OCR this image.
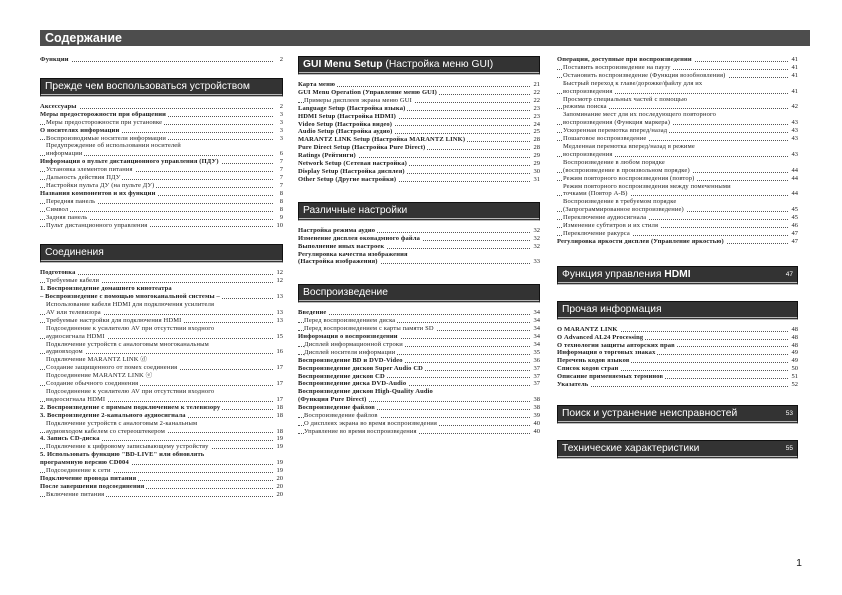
Содержание
Функции	2
Прежде чем воспользоваться устройством
Аксессуары	2
Меры предосторожности при обращении	3
Меры предосторожности при установке	3
О носителях информации	3
Воспроизводимые носители информации	3
Предупреждение об использовании носителей
информации	6
Информация о пульте дистанционного управления (ПДУ)	7
Установка элементов питания	7
Дальность действия ПДУ	7
Настройки пульта ДУ (на пульте ДУ)	7
Названия компонентов и их функции	8
Передняя панель	8
Символ	8
Задняя панель	9
Пульт дистанционного управления	10
Соединения
Подготовка	12
Требуемые кабели	12
1. Воспроизведение домашнего кинотеатра
– Воспроизведение с помощью многоканальной системы –	13
Использование кабеля HDMI для подключения усилителя
AV или телевизора	13
Требуемые настройки для подключения HDMI	13
Подсоединение к усилителю AV при отсутствии входного
аудиосигнала HDMI	15
Подключение устройств с аналоговым многоканальным
аудиовходом	16
Подключение MARANTZ LINK ⓓ
Создание защищенного от помех соединения	17
Подсоединение MARANTZ LINK ⓔ
Создание обычного соединения	17
Подсоединение к усилителю AV при отсутствии входного
видеосигнала HDMI	17
2. Воспроизведение с прямым подключением к телевизору	18
3. Воспроизведение 2-канального аудиосигнала	18
Подключение устройств с аналоговым 2-канальным
аудиовходом кабелем со стереоштекером	18
4. Запись CD-диска	19
Подключение к цифровому записывающему устройству	19
5. Использовать функцию "BD-LIVE" или обновлять
программную версию CD004	19
Подсоединение к сети	19
Подключение провода питания	20
После завершения подсоединения	20
Включение питания	20
GUI Menu Setup (Настройка меню GUI)
Карта меню	21
GUI Menu Operation (Управление меню GUI)	22
Примеры дисплеев экрана меню GUI	22
Language Setup (Настройка языка)	23
HDMI Setup (Настройка HDMI)	23
Video Setup (Настройка видео)	24
Audio Setup (Настройка аудио)	25
MARANTZ LINK Setup (Настройка MARANTZ LINK)	28
Pure Direct Setup (Настройка Pure Direct)	28
Ratings (Рейтинги)	29
Network Setup (Сетевая настройка)	29
Display Setup (Настройка дисплея)	30
Other Setup (Другие настройки)	31
Различные настройки
Настройка режима аудио	32
Изменение дисплея оконадмного файла	32
Выполнение иных настроек	32
Регулировка качества изображения
(Настройка изображения)	33
Воспроизведение
Введение	34
Перед воспроизведением диска	34
Перед воспроизведением с карты памяти SD	34
Информация о воспроизведении	34
Дисплей информационной строки	34
Дисплей носителя информации	35
Воспроизведение BD и DVD-Video	36
Воспроизведение дисков Super Audio CD	37
Воспроизведение дисков CD	37
Воспроизведение диска DVD-Audio	37
Воспроизведение дисков High-Quality Audio
(Функция Pure Direct)	38
Воспроизведение файлов	38
Воспроизведение файлов	39
О дисплеях экрана во время воспроизведения	40
Управление во время воспроизведения	40
Операции, доступные при воспроизведении	41
Поставить воспроизведение на паузу	41
Остановить воспроизведение (Функция возобновления)	41
Быстрый переход к главе/дорожке/файлу для их
воспроизведения	41
Просмотр специальных частей с помощью
режима поиска	42
Запоминание мест для их последующего повторного
воспроизведения (Функция маркера)	43
Ускоренная перемотка вперед/назад	43
Пошаговое воспроизведение	43
Медленная перемотка вперед/назад в режиме
воспроизведения	43
Воспроизведение в любом порядке
(воспроизведение в произвольном порядке)	44
Режим повторного воспроизведения (повтор)	44
Режим повторного воспроизведения между помеченными
точками (Повтор A-B)	44
Воспроизведение в требуемом порядке
(Запрограммированное воспроизведение)	45
Переключение аудиосигнала	45
Изменение субтитров и их стиля	46
Переключение ракурса	47
Регулировка яркости дисплея (Управление яркостью)	47
Функция управления HDMI	47
Прочая информация
О MARANTZ LINK	48
О Advanced AL24 Processing	48
О технологии защиты авторских прав	48
Информация о торговых знаках	49
Перечень кодов языков	49
Список кодов стран	50
Описание применяемых терминов	51
Указатель	52
Поиск и устранение неисправностей	53
Технические характеристики	55
1
